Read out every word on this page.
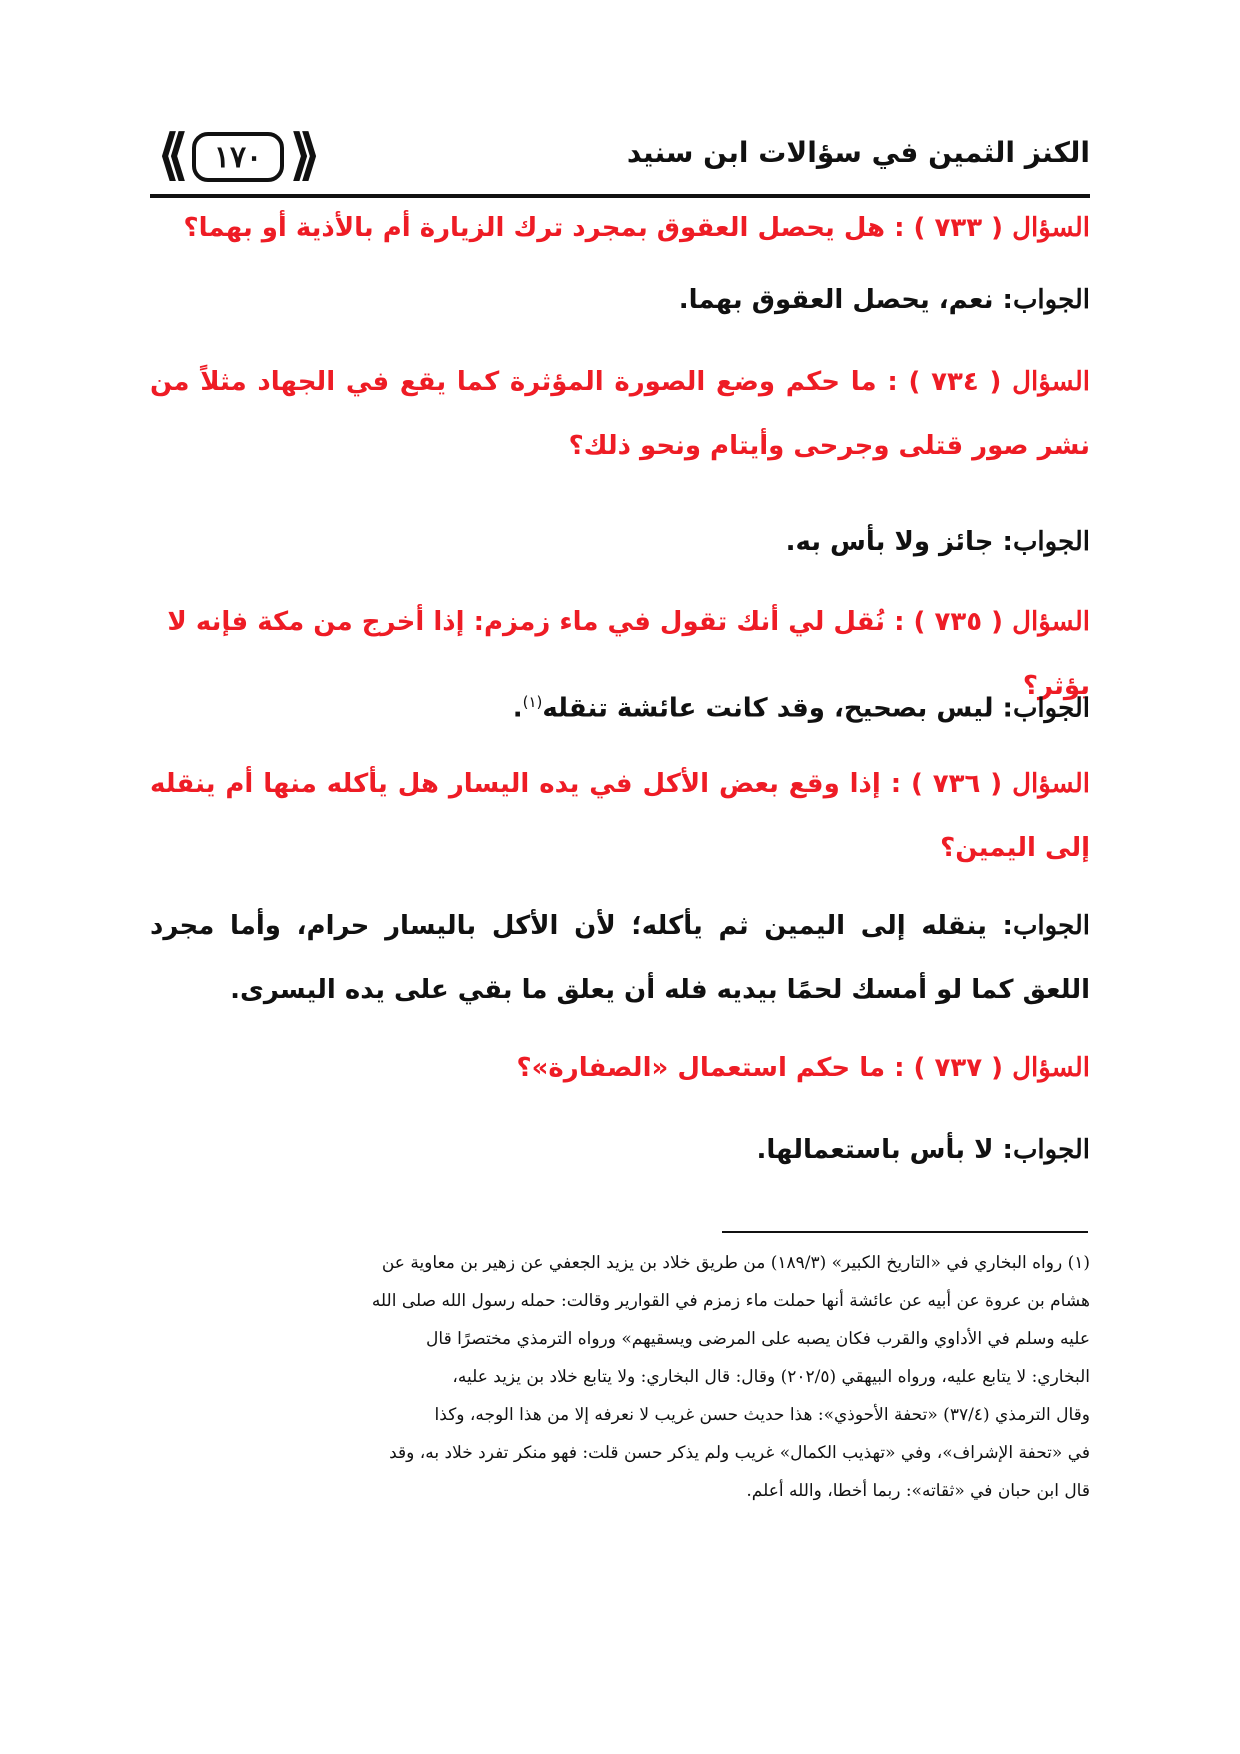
⟪ ١٧٠ ⟫	الكنز الثمين في سؤالات ابن سنيد
السؤال ( ٧٣٣ ) : هل يحصل العقوق بمجرد ترك الزيارة أم بالأذية أو بهما؟
الجواب: نعم، يحصل العقوق بهما.
السؤال ( ٧٣٤ ) : ما حكم وضع الصورة المؤثرة كما يقع في الجهاد مثلاً من نشر صور قتلى وجرحى وأيتام ونحو ذلك؟
الجواب: جائز ولا بأس به.
السؤال ( ٧٣٥ ) : نُقل لي أنك تقول في ماء زمزم: إذا أخرج من مكة فإنه لا يؤثر؟
الجواب: ليس بصحيح، وقد كانت عائشة تنقله$^{(١)}$.
السؤال ( ٧٣٦ ) : إذا وقع بعض الأكل في يده اليسار هل يأكله منها أم ينقله إلى اليمين؟
الجواب: ينقله إلى اليمين ثم يأكله؛ لأن الأكل باليسار حرام، وأما مجرد اللعق كما لو أمسك لحمًا بيديه فله أن يعلق ما بقي على يده اليسرى.
السؤال ( ٧٣٧ ) : ما حكم استعمال «الصفارة»؟
الجواب: لا بأس باستعمالها.
(١) رواه البخاري في «التاريخ الكبير» (١٨٩/٣) من طريق خلاد بن يزيد الجعفي عن زهير بن معاوية عن
هشام بن عروة عن أبيه عن عائشة أنها حملت ماء زمزم في القوارير وقالت: حمله رسول الله صلى الله
عليه وسلم في الأداوي والقرب فكان يصبه على المرضى ويسقيهم» ورواه الترمذي مختصرًا قال
البخاري: لا يتابع عليه، ورواه البيهقي (٢٠٢/٥) وقال: قال البخاري: ولا يتابع خلاد بن يزيد عليه،
وقال الترمذي (٣٧/٤) «تحفة الأحوذي»: هذا حديث حسن غريب لا نعرفه إلا من هذا الوجه، وكذا
في «تحفة الإشراف»، وفي «تهذيب الكمال» غريب ولم يذكر حسن قلت: فهو منكر تفرد خلاد به، وقد
قال ابن حبان في «ثقاته»: ربما أخطا، والله أعلم.
